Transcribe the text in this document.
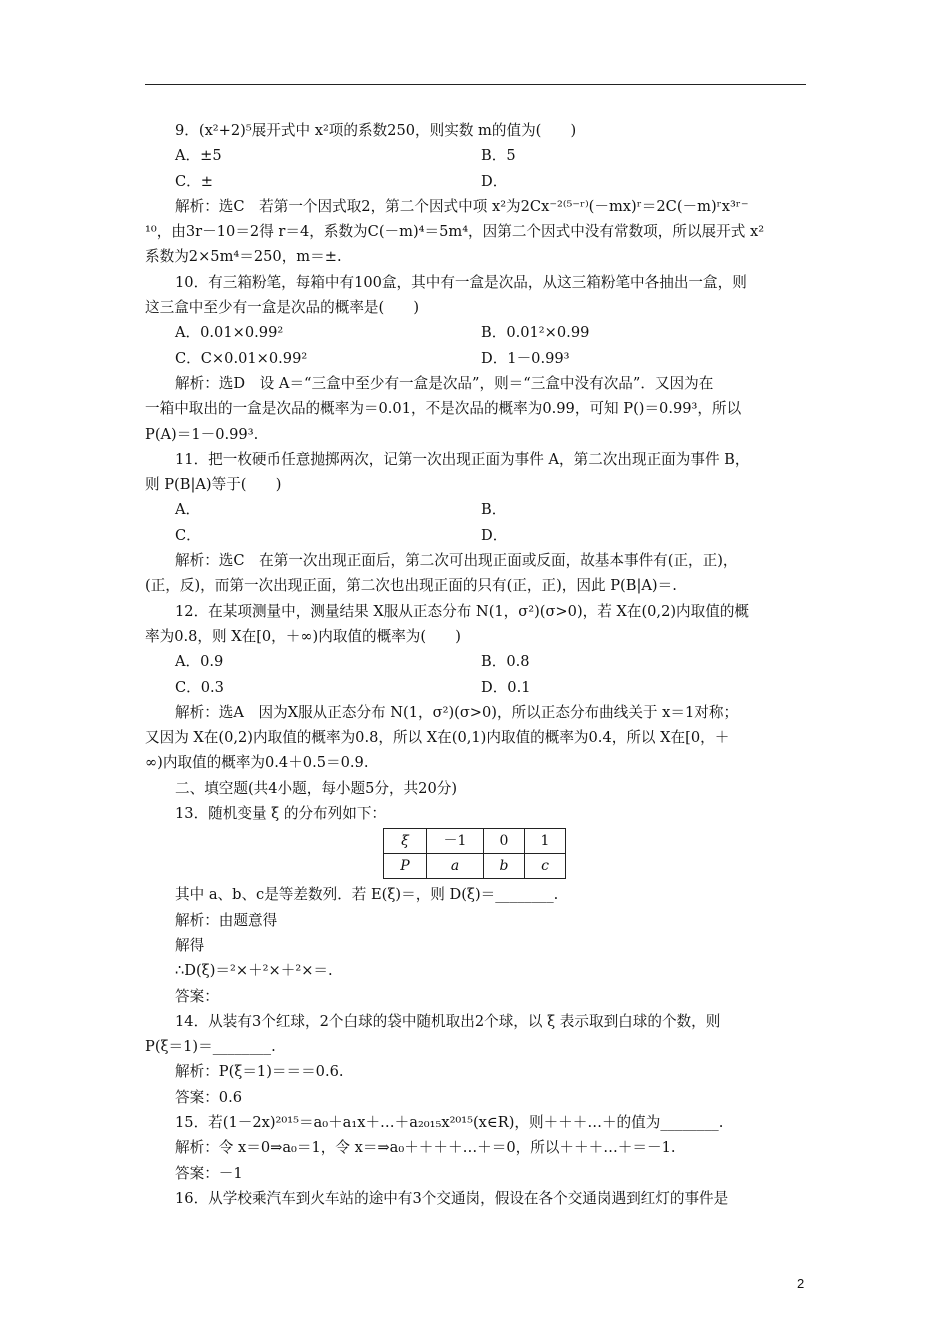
9．(x²+2)⁵展开式中 x²项的系数250，则实数 m的值为(　　)
A．±5	B．5
C．±	D．
解析：选C　若第一个因式取2，第二个因式中项 x²为2Cx⁻²⁽⁵⁻ʳ⁾(－mx)ʳ＝2C(－m)ʳx³ʳ⁻
¹⁰，由3r－10＝2得 r＝4，系数为C(－m)⁴＝5m⁴，因第二个因式中没有常数项，所以展开式 x²
系数为2×5m⁴＝250，m＝±.
10．有三箱粉笔，每箱中有100盒，其中有一盒是次品，从这三箱粉笔中各抽出一盒，则
这三盒中至少有一盒是次品的概率是(　　)
A．0.01×0.99²	B．0.01²×0.99
C．C×0.01×0.99²	D．1－0.99³
解析：选D　设 A＝“三盒中至少有一盒是次品”，则＝“三盒中没有次品”．又因为在
一箱中取出的一盒是次品的概率为＝0.01，不是次品的概率为0.99，可知 P()＝0.99³，所以
P(A)＝1－0.99³.
11．把一枚硬币任意抛掷两次，记第一次出现正面为事件 A，第二次出现正面为事件 B，
则 P(B|A)等于(　　)
A．	B．
C．	D．
解析：选C　在第一次出现正面后，第二次可出现正面或反面，故基本事件有(正，正)，
(正，反)，而第一次出现正面，第二次也出现正面的只有(正，正)，因此 P(B|A)＝.
12．在某项测量中，测量结果 X服从正态分布 N(1，σ²)(σ>0)，若 X在(0,2)内取值的概
率为0.8，则 X在[0，＋∞)内取值的概率为(　　)
A．0.9	B．0.8
C．0.3	D．0.1
解析：选A　因为X服从正态分布 N(1，σ²)(σ>0)，所以正态分布曲线关于 x＝1对称；
又因为 X在(0,2)内取值的概率为0.8，所以 X在(0,1)内取值的概率为0.4，所以 X在[0，＋
∞)内取值的概率为0.4＋0.5＝0.9.
二、填空题(共4小题，每小题5分，共20分)
13．随机变量 ξ 的分布列如下：
ξ	－1	0	1
P	a	b	c
其中 a、b、c是等差数列．若 E(ξ)＝，则 D(ξ)＝________.
解析：由题意得
解得
∴D(ξ)＝²×＋²×＋²×＝.
答案：
14．从装有3个红球，2个白球的袋中随机取出2个球，以 ξ 表示取到白球的个数，则
P(ξ＝1)＝________.
解析：P(ξ＝1)＝＝＝0.6.
答案：0.6
15．若(1－2x)²⁰¹⁵＝a₀＋a₁x＋…＋a₂₀₁₅x²⁰¹⁵(x∈R)，则＋＋＋…＋的值为________.
解析：令 x＝0⇒a₀＝1，令 x＝⇒a₀＋＋＋＋…＋＝0，所以＋＋＋…＋＝－1.
答案：－1
16．从学校乘汽车到火车站的途中有3个交通岗，假设在各个交通岗遇到红灯的事件是
2
